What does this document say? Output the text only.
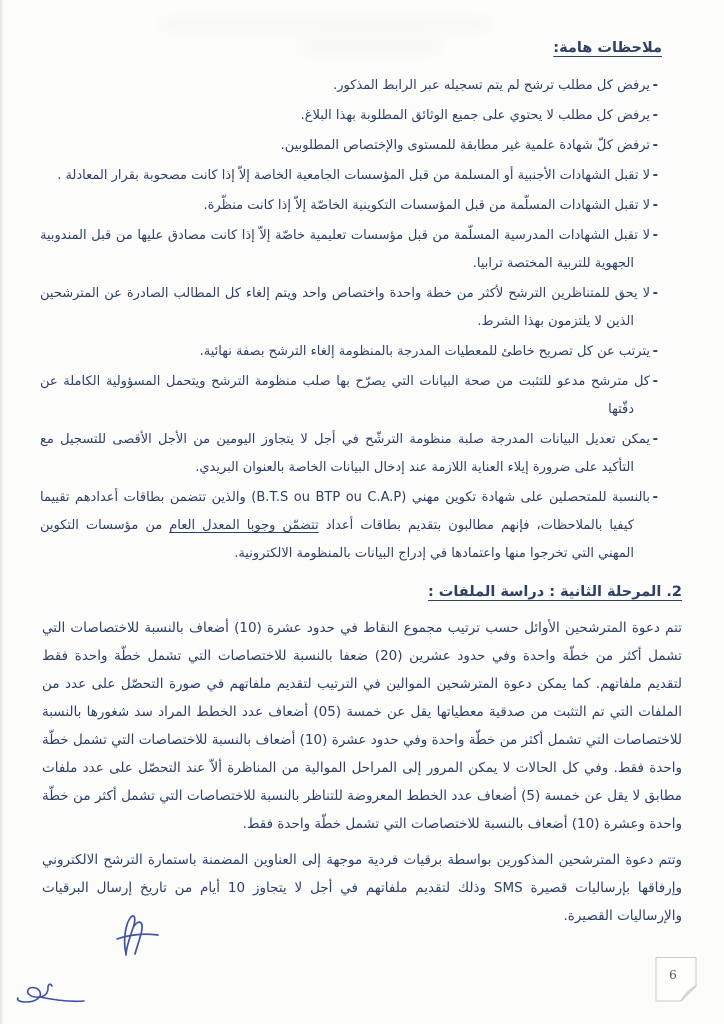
ملاحظات هامة:
- يرفض كل مطلب ترشح لم يتم تسجيله عبر الرابط المذكور.
- يرفض كل مطلب لا يحتوي على جميع الوثائق المطلوبة بهذا البلاغ.
- ترفض كلّ شهادة علمية غير مطابقة للمستوى والإختصاص المطلوبين.
- لا تقبل الشهادات الأجنبية أو المسلمة من قبل المؤسسات الجامعية الخاصة إلاّ إذا كانت مصحوبة بقرار المعادلة .
- لا تقبل الشهادات المسلّمة من قبل المؤسسات التكوينية الخاصّة إلاّ إذا كانت منظّرة.
- لا تقبل الشهادات المدرسية المسلّمة من قبل مؤسسات تعليمية خاصّة إلاّ إذا كانت مصادق عليها من قبل المندوبية الجهوية للتربية المختصة ترابيا.
- لا يحق للمتناظرين الترشح لأكثر من خطة واحدة واختصاص واحد ويتم إلغاء كل المطالب الصادرة عن المترشحين الذين لا يلتزمون بهذا الشرط.
- يترتب عن كل تصريح خاطئ للمعطيات المدرجة بالمنظومة إلغاء الترشح بصفة نهائية.
- كل مترشح مدعو للتثبت من صحة البيانات التي يصرّح بها صلب منظومة الترشح ويتحمل المسؤولية الكاملة عن دقّتها
- يمكن تعديل البيانات المدرجة صلبة منظومة الترشّح في أجل لا يتجاوز اليومين من الأجل الأقصى للتسجيل مع التأكيد على ضرورة إيلاء العناية اللازمة عند إدخال البيانات الخاصة بالعنوان البريدي.
- بالنسبة للمتحصلين على شهادة تكوين مهني (B.T.S ou BTP ou C.A.P) والذين تتضمن بطاقات أعدادهم تقييما كيفيا بالملاحظات، فإنهم مطالبون بتقديم بطاقات أعداد تتضمّن وجوبا المعدل العام من مؤسسات التكوين المهني التي تخرجوا منها واعتمادها في إدراج البيانات بالمنظومة الالكترونية.
2. المرحلة الثانية : دراسة الملفات :

تتم دعوة المترشحين الأوائل حسب ترتيب مجموع النقاط في حدود عشرة (10) أضعاف بالنسبة للاختصاصات التي تشمل أكثر من خطّة واحدة وفي حدود عشرين (20) ضعفا بالنسبة للاختصاصات التي تشمل خطّة واحدة فقط لتقديم ملفاتهم. كما يمكن دعوة المترشحين الموالين في الترتيب لتقديم ملفاتهم في صورة التحصّل على عدد من الملفات التي تم التثبت من صدقية معطياتها يقل عن خمسة (05) أضعاف عدد الخطط المراد سد شغورها بالنسبة للاختصاصات التي تشمل أكثر من خطّة واحدة وفي حدود عشرة (10) أضعاف بالنسبة للاختصاصات التي تشمل خطّة واحدة فقط. وفي كل الحالات لا يمكن المرور إلى المراحل الموالية من المناظرة ألاّ عند التحصّل على عدد ملفات مطابق لا يقل عن خمسة (5) أضعاف عدد الخطط المعروضة للتناظر بالنسبة للاختصاصات التي تشمل أكثر من خطّة واحدة وعشرة (10) أضعاف بالنسبة للاختصاصات التي تشمل خطّة واحدة فقط.

وتتم دعوة المترشحين المذكورين بواسطة برقيات فردية موجهة إلى العناوين المضمنة باستمارة الترشح الالكتروني وإرفاقها بإرساليات قصيرة SMS وذلك لتقديم ملفاتهم في أجل لا يتجاوز 10 أيام من تاريخ إرسال البرقيات والإرساليات القصيرة.

6
